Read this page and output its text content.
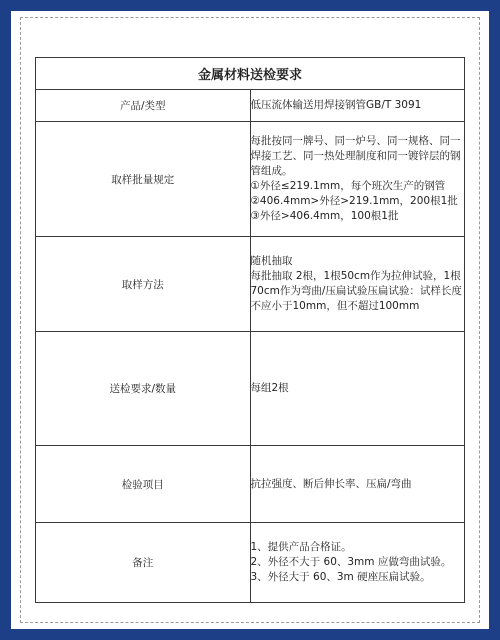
金属材料送检要求	
产品/类型	低压流体输送用焊接钢管GB/T 3091

取样批量规定	每批按同一牌号、同一炉号、同一规格、同一焊接工艺、同一热处理制度和同一镀锌层的钢管组成。
①外径≤219.1mm，每个班次生产的钢管
②406.4mm>外径>219.1mm，200根1批③外径>406.4mm，100根1批

取样方法	随机抽取
每批抽取 2根，1根50cm作为拉伸试验，1根 70cm作为弯曲/压扁试验压扁试验：试样长度不应小于10mm，但不超过100mm

送检要求/数量	每组2根

检验项目	抗拉强度、断后伸长率、压扁/弯曲

备注	1、提供产品合格证。
2、外径不大于 60、3mm 应做弯曲试验。
3、外径大于 60、3m 硬座压扁试验。
